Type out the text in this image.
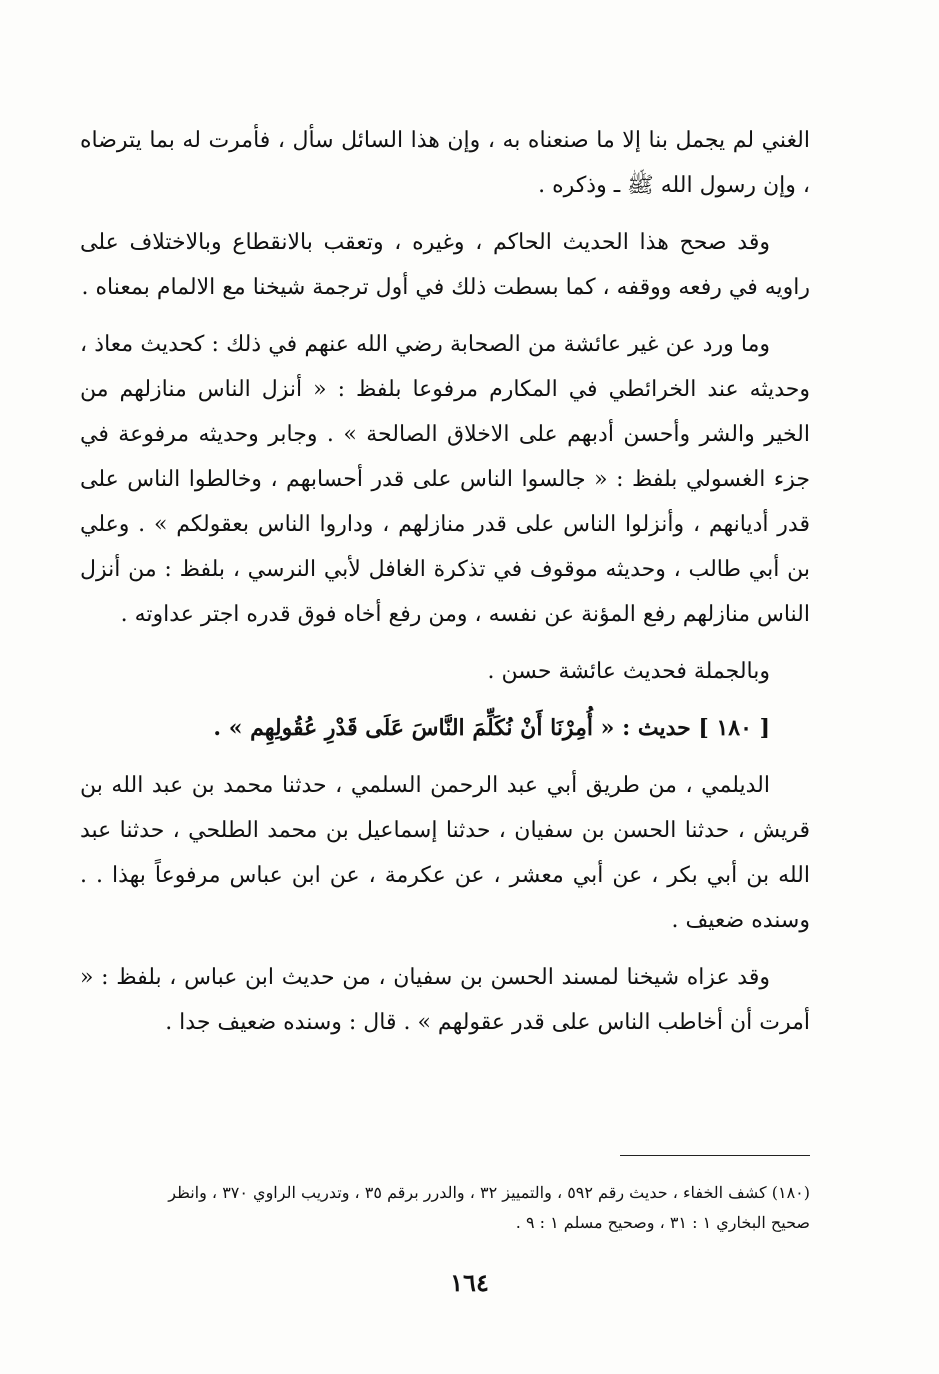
الغني لم يجمل بنا إلا ما صنعناه به ، وإن هذا السائل سأل ، فأمرت له بما يترضاه ، وإن رسول الله ﷺ ـ وذكره .

وقد صحح هذا الحديث الحاكم ، وغيره ، وتعقب بالانقطاع وبالاختلاف على راويه في رفعه ووقفه ، كما بسطت ذلك في أول ترجمة شيخنا مع الالمام بمعناه .

وما ورد عن غير عائشة من الصحابة رضي الله عنهم في ذلك : كحديث معاذ ، وحديثه عند الخرائطي في المكارم مرفوعا بلفظ : « أنزل الناس منازلهم من الخير والشر وأحسن أدبهم على الاخلاق الصالحة » . وجابر وحديثه مرفوعة في جزء الغسولي بلفظ : « جالسوا الناس على قدر أحسابهم ، وخالطوا الناس على قدر أديانهم ، وأنزلوا الناس على قدر منازلهم ، وداروا الناس بعقولكم » . وعلي بن أبي طالب ، وحديثه موقوف في تذكرة الغافل لأبي النرسي ، بلفظ : من أنزل الناس منازلهم رفع المؤنة عن نفسه ، ومن رفع أخاه فوق قدره اجتر عداوته .

وبالجملة فحديث عائشة حسن .

[ ١٨٠ ] حديث : « أُمِرْنَا أَنْ نُكَلِّمَ النَّاسَ عَلَى قَدْرِ عُقُولِهِم » .

الديلمي ، من طريق أبي عبد الرحمن السلمي ، حدثنا محمد بن عبد الله بن قريش ، حدثنا الحسن بن سفيان ، حدثنا إسماعيل بن محمد الطلحي ، حدثنا عبد الله بن أبي بكر ، عن أبي معشر ، عن عكرمة ، عن ابن عباس مرفوعاً بهذا . . وسنده ضعيف .

وقد عزاه شيخنا لمسند الحسن بن سفيان ، من حديث ابن عباس ، بلفظ : « أمرت أن أخاطب الناس على قدر عقولهم » . قال : وسنده ضعيف جدا .

(١٨٠) كشف الخفاء ، حديث رقم ٥٩٢ ، والتمييز ٣٢ ، والدرر برقم ٣٥ ، وتدريب الراوي ٣٧٠ ، وانظر

صحيح البخاري ١ : ٣١ ، وصحيح مسلم ١ : ٩ .

١٦٤
